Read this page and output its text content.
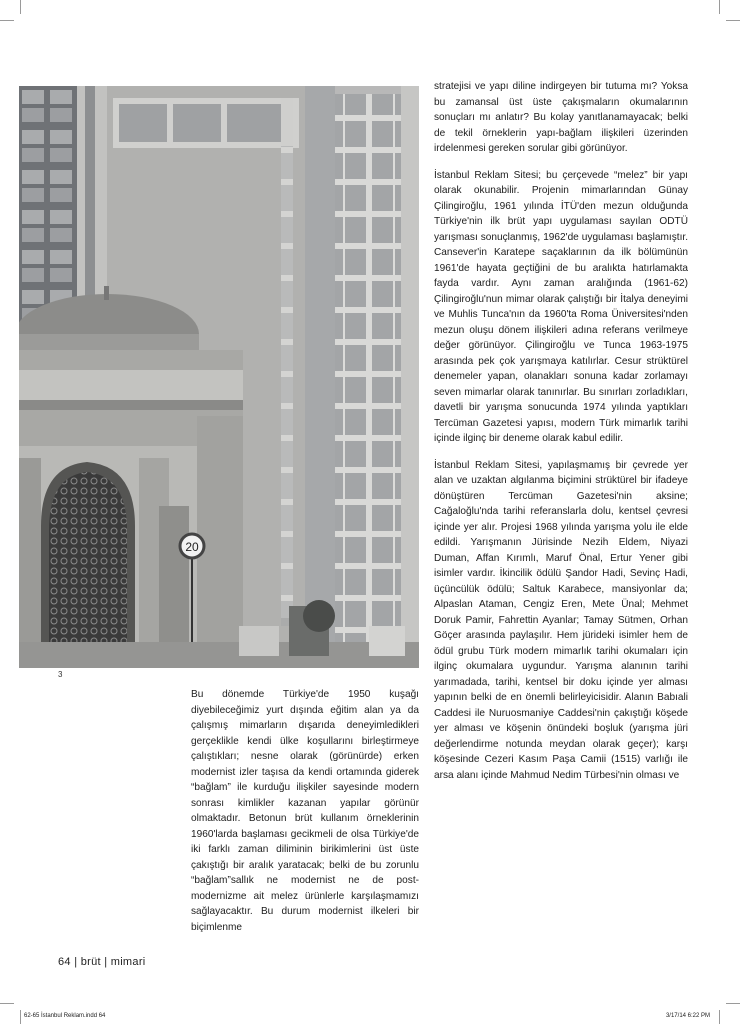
20
3

stratejisi ve yapı diline indirgeyen bir tutuma mı? Yoksa bu zamansal üst üste çakışmaların okumalarının sonuçları mı anlatır? Bu kolay yanıtlanamayacak; belki de tekil örneklerin yapı-bağlam ilişkileri üzerinden irdelenmesi gereken sorular gibi görünüyor.

İstanbul Reklam Sitesi; bu çerçevede “melez” bir yapı olarak okunabilir. Projenin mimarlarından Günay Çilingiroğlu, 1961 yılında İTÜ'den mezun olduğunda Türkiye'nin ilk brüt yapı uygulaması sayılan ODTÜ yarışması sonuçlanmış, 1962'de uygulaması başlamıştır. Cansever'in Karatepe saçaklarının da ilk bölümünün 1961'de hayata geçtiğini de bu aralıkta hatırlamakta fayda vardır. Aynı zaman aralığında (1961-62) Çilingiroğlu'nun mimar olarak çalıştığı bir İtalya deneyimi ve Muhlis Tunca'nın da 1960'ta Roma Üniversitesi'nden mezun oluşu dönem ilişkileri adına referans verilmeye değer görünüyor. Çilingiroğlu ve Tunca 1963-1975 arasında pek çok yarışmaya katılırlar. Cesur strüktürel denemeler yapan, olanakları sonuna kadar zorlamayı seven mimarlar olarak tanınırlar. Bu sınırları zorladıkları, davetli bir yarışma sonucunda 1974 yılında yaptıkları Tercüman Gazetesi yapısı, modern Türk mimarlık tarihi içinde ilginç bir deneme olarak kabul edilir.

İstanbul Reklam Sitesi, yapılaşmamış bir çevrede yer alan ve uzaktan algılanma biçimini strüktürel bir ifadeye dönüştüren Tercüman Gazetesi'nin aksine; Cağaloğlu'nda tarihi referanslarla dolu, kentsel çevresi içinde yer alır. Projesi 1968 yılında yarışma yolu ile elde edildi. Yarışmanın Jürisinde Nezih Eldem, Niyazi Duman, Affan Kırımlı, Maruf Önal, Ertur Yener gibi isimler vardır. İkincilik ödülü Şandor Hadi, Sevinç Hadi, üçüncülük ödülü; Saltuk Karabece, mansiyonlar da; Alpaslan Ataman, Cengiz Eren, Mete Ünal; Mehmet Doruk Pamir, Fahrettin Ayanlar; Tamay Sütmen, Orhan Göçer arasında paylaşılır. Hem jürideki isimler hem de ödül grubu Türk modern mimarlık tarihi okumaları için ilginç okumalara uygundur. Yarışma alanının tarihi yarımadada, tarihi, kentsel bir doku içinde yer alması yapının belki de en önemli belirleyicisidir. Alanın Babıali Caddesi ile Nuruosmaniye Caddesi'nin çakıştığı köşede yer alması ve köşenin önündeki boşluk (yarışma jüri değerlendirme notunda meydan olarak geçer); karşı köşesinde Cezeri Kasım Paşa Camii (1515) varlığı ile arsa alanı içinde Mahmud Nedim Türbesi'nin olması ve

Bu dönemde Türkiye'de 1950 kuşağı diyebileceğimiz yurt dışında eğitim alan ya da çalışmış mimarların dışarıda deneyimledikleri gerçeklikle kendi ülke koşullarını birleştirmeye çalıştıkları; nesne olarak (görünürde) erken modernist izler taşısa da kendi ortamında giderek “bağlam” ile kurduğu ilişkiler sayesinde modern sonrası kimlikler kazanan yapılar görünür olmaktadır. Betonun brüt kullanım örneklerinin 1960'larda başlaması gecikmeli de olsa Türkiye'de iki farklı zaman diliminin birikimlerini üst üste çakıştığı bir aralık yaratacak; belki de bu zorunlu “bağlam”sallık ne modernist ne de post-modernizme ait melez ürünlerle karşılaşmamızı sağlayacaktır. Bu durum modernist ilkeleri bir biçimlenme

64 | brüt | mimari
62-65 İstanbul Reklam.indd 64	3/17/14 6:22 PM
